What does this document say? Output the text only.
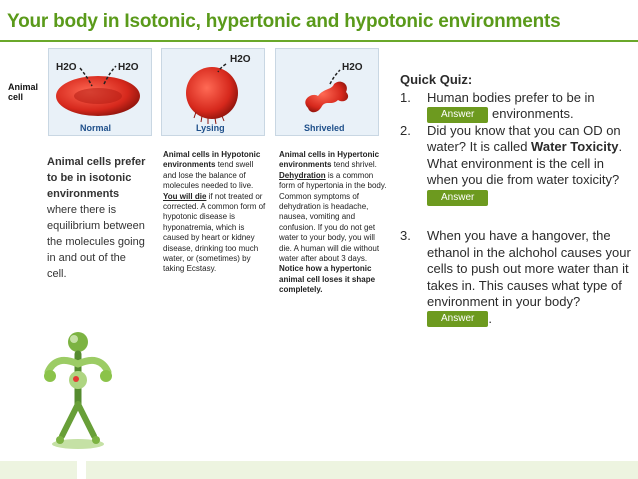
Your body in Isotonic, hypertonic and hypotonic environments
Animal
cell
H2O	H2O
Normal
H2O
Lysing
H2O
Shriveled
Animal cells prefer to be in isotonic environments where there is equilibrium between the molecules going in and out of the cell.
Animal cells in Hypotonic environments tend swell and lose the balance of molecules needed to live. You will die if not treated or corrected. A common form of hypotonic disease is hyponatremia, which is caused by heart or kidney disease, drinking too much water, or (sometimes) by taking Ecstasy.
Animal cells in Hypertonic environments tend shrivel. Dehydration is a common form of hypertonia in the body. Common symptoms of dehydration is headache, nausea, vomiting and confusion. If you do not get water to your body, you will die. A human will die without water after about 3 days.
Notice how a hypertonic animal cell loses it shape completely.
Quick Quiz:
1. Human bodies prefer to be in Answer environments.
2. Did you know that you can OD on water? It is called Water Toxicity. What environment is the cell in when you die from water toxicity?
Answer
3. When you have a hangover, the ethanol in the alchohol causes your cells to push out more water than it takes in. This causes what type of environment in your body? Answer .
